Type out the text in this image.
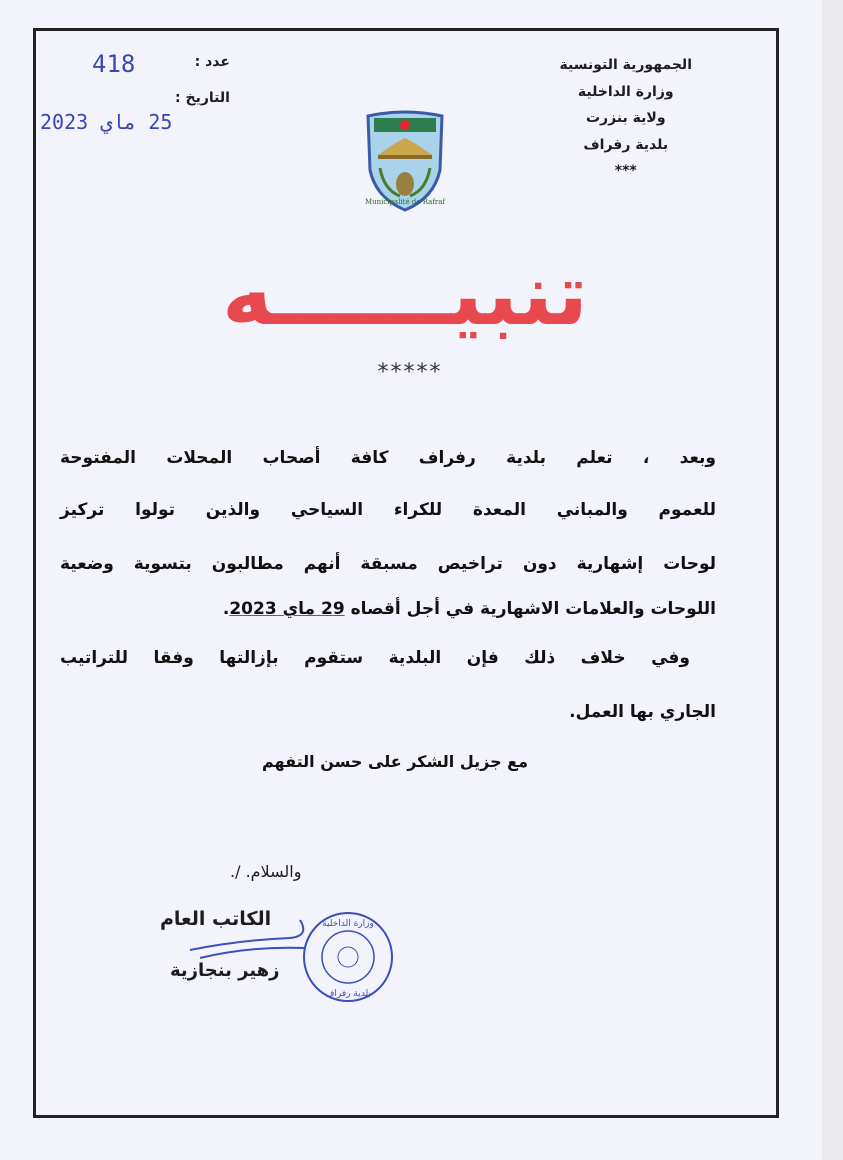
الجمهورية التونسية
وزارة الداخلية
ولاية بنزرت
بلدية رفراف
***
عدد :
التاريخ :
418
25 ماي 2023
Municipalité de Rafraf
تنبيــــــه
*****
وبعد ، تعلم بلدية رفراف كافة أصحاب المحلات المفتوحة
للعموم والمباني المعدة للكراء السياحي والذين تولوا تركيز
لوحات إشهارية دون تراخيص مسبقة أنهم مطالبون بتسوية وضعية
اللوحات والعلامات الاشهارية في أجل أقصاه 29 ماي 2023.
وفي خلاف ذلك فإن البلدية ستقوم بإزالتها وفقا للتراتيب
الجاري بها العمل.
مع جزيل الشكر على حسن التفهم
والسلام. /.
الكاتب العام
زهير بنجازية
وزارة الداخلية
بلدية رفراف
